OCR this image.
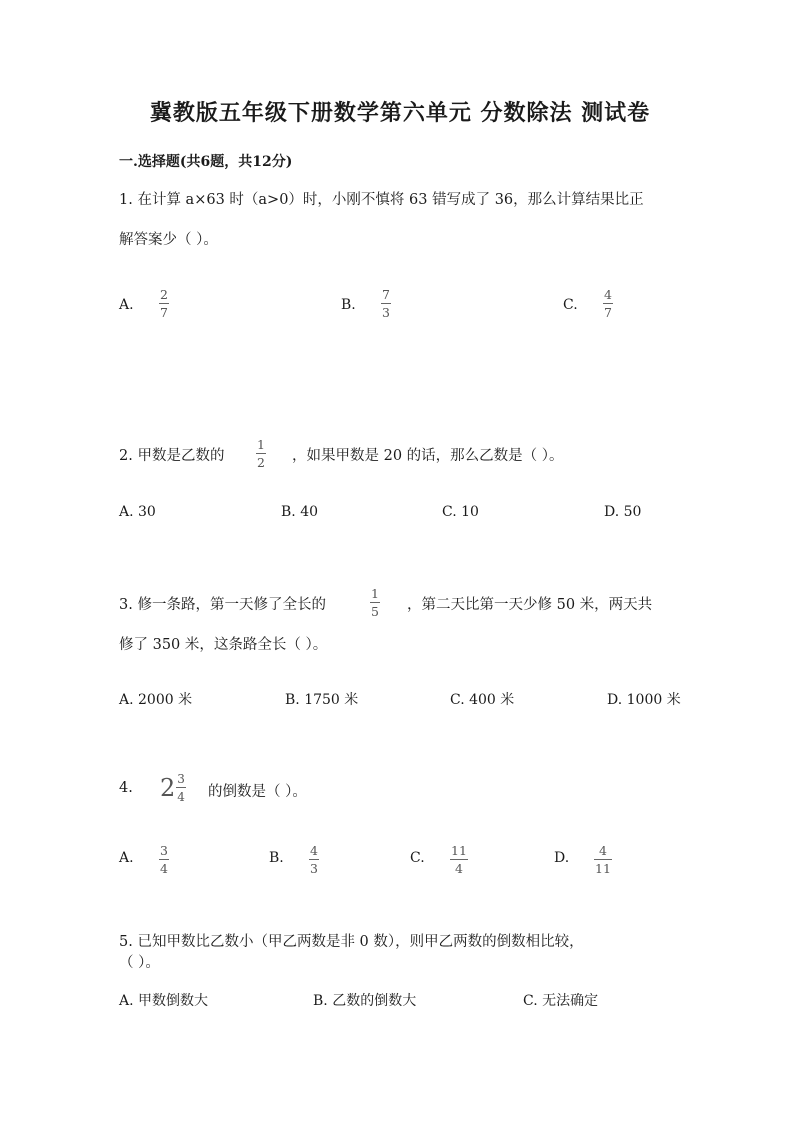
冀教版五年级下册数学第六单元 分数除法 测试卷
一.选择题(共6题，共12分)
1. 在计算 a×63 时（a>0）时，小刚不慎将 63 错写成了 36，那么计算结果比正
解答案少（ ）。
A.
2
7	B.
7
3	C.
4
7
2. 甲数是乙数的
1
2 ，如果甲数是 20 的话，那么乙数是（ ）。
A. 30	B. 40	C. 10	D. 50
3. 修一条路，第一天修了全长的
1
5 ，第二天比第一天少修 50 米，两天共
修了 350 米，这条路全长（ ）。
A. 2000 米	B. 1750 米	C. 400 米	D. 1000 米
4. $2 \frac{3}{4}$ 的倒数是（ ）。
A. 3
4
B. 4
3
C. 11
4
D. 4
11
5. 已知甲数比乙数小（甲乙两数是非 0 数），则甲乙两数的倒数相比较，
（ ）。
A. 甲数倒数大	B. 乙数的倒数大	C. 无法确定
